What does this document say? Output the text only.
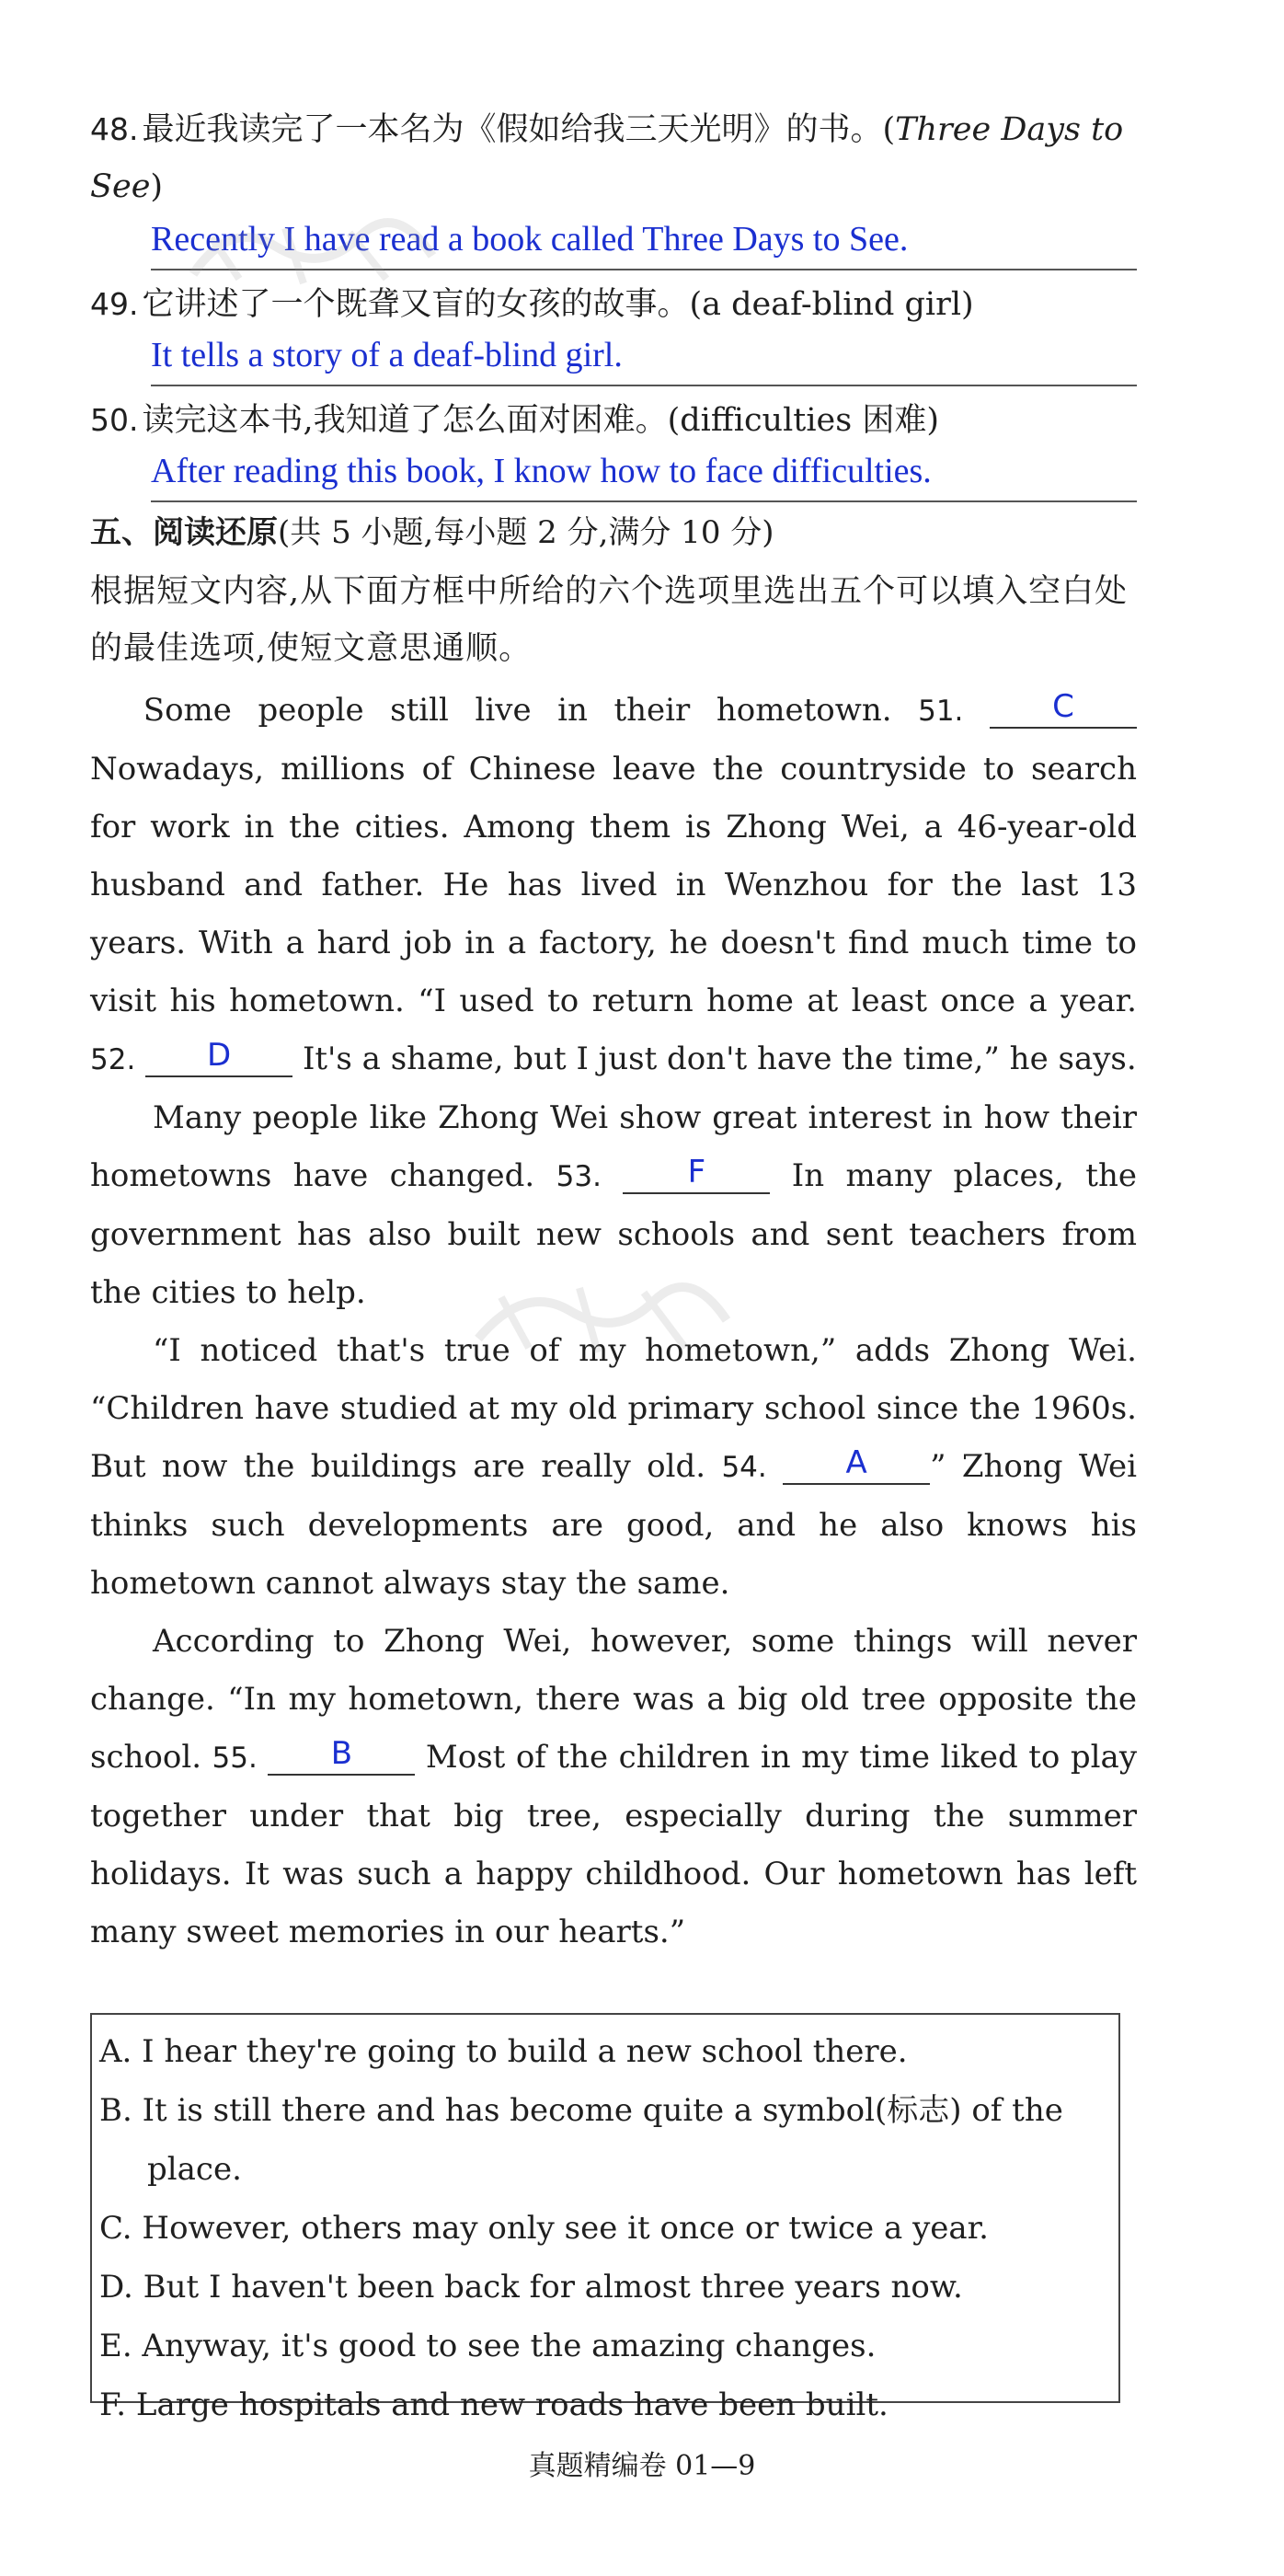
48. 最近我读完了一本名为《假如给我三天光明》的书。(Three Days to See)
Recently I have read a book called Three Days to See.
49. 它讲述了一个既聋又盲的女孩的故事。(a deaf-blind girl)
It tells a story of a deaf-blind girl.
50. 读完这本书,我知道了怎么面对困难。(difficulties 困难)
After reading this book, I know how to face difficulties.
五、阅读还原(共 5 小题,每小题 2 分,满分 10 分)
根据短文内容,从下面方框中所给的六个选项里选出五个可以填入空白处的最佳选项,使短文意思通顺。

Some people still live in their hometown. 51.	C Nowadays, millions of Chinese leave the countryside to search for work in the cities. Among them is Zhong Wei, a 46-year-old husband and father. He has lived in Wenzhou for the last 13 years. With a hard job in a factory, he doesn't find much time to visit his hometown. “I used to return home at least once a year. 52. D It's a shame, but I just don't have the time,” he says.

Many people like Zhong Wei show great interest in how their hometowns have changed. 53.	F	In many places, the government has also built new schools and sent teachers from the cities to help.

“I noticed that's true of my hometown,” adds Zhong Wei. “Children have studied at my old primary school since the 1960s. But now the buildings are really old. 54.	A ” Zhong Wei thinks such developments are good, and he also knows his hometown cannot always stay the same.

According to Zhong Wei, however, some things will never change. “In my hometown, there was a big old tree opposite the school. 55. B Most of the children in my time liked to play together under that big tree, especially during the summer holidays. It was such a happy childhood. Our hometown has left many sweet memories in our hearts.”

A. I hear they're going to build a new school there.
B. It is still there and has become quite a symbol(标志) of the
place.
C. However, others may only see it once or twice a year.
D. But I haven't been back for almost three years now.
E. Anyway, it's good to see the amazing changes.
F. Large hospitals and new roads have been built.
真题精编卷 01—9
